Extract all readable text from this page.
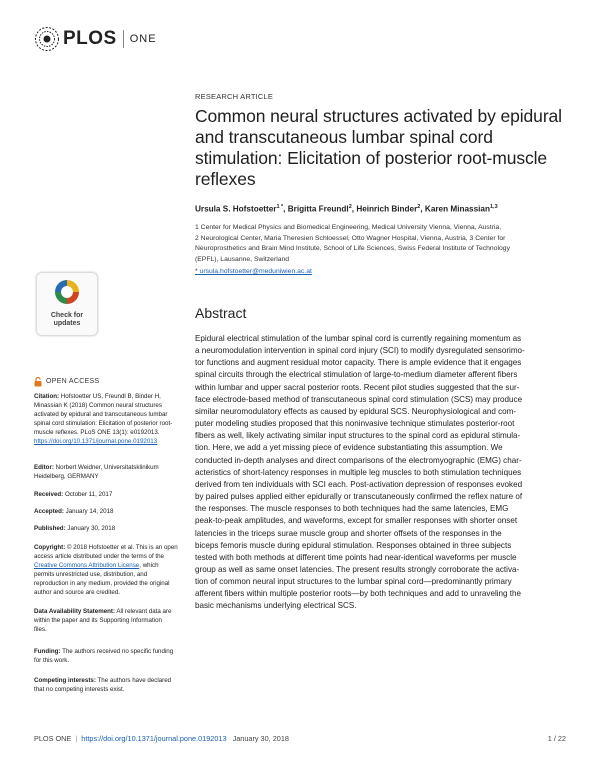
PLOS ONE
RESEARCH ARTICLE
Common neural structures activated by epidural and transcutaneous lumbar spinal cord stimulation: Elicitation of posterior root-muscle reflexes
Ursula S. Hofstoetter$^{1 *}$, Brigitta Freundl$^2$, Heinrich Binder$^2$, Karen Minassian$^{1,3}$
1 Center for Medical Physics and Biomedical Engineering, Medical University Vienna, Vienna, Austria,
2 Neurological Center, Maria Theresien Schloessel, Otto Wagner Hospital, Vienna, Austria, 3 Center for
Neuroprosthetics and Brain Mind Institute, School of Life Sciences, Swiss Federal Institute of Technology
(EPFL), Lausanne, Switzerland
* ursula.hofstoetter@meduniwien.ac.at
Abstract
Epidural electrical stimulation of the lumbar spinal cord is currently regaining momentum as
a neuromodulation intervention in spinal cord injury (SCI) to modify dysregulated sensorimo-
tor functions and augment residual motor capacity. There is ample evidence that it engages
spinal circuits through the electrical stimulation of large-to-medium diameter afferent fibers
within lumbar and upper sacral posterior roots. Recent pilot studies suggested that the sur-
face electrode-based method of transcutaneous spinal cord stimulation (SCS) may produce
similar neuromodulatory effects as caused by epidural SCS. Neurophysiological and com-
puter modeling studies proposed that this noninvasive technique stimulates posterior-root
fibers as well, likely activating similar input structures to the spinal cord as epidural stimula-
tion. Here, we add a yet missing piece of evidence substantiating this assumption. We
conducted in-depth analyses and direct comparisons of the electromyographic (EMG) char-
acteristics of short-latency responses in multiple leg muscles to both stimulation techniques
derived from ten individuals with SCI each. Post-activation depression of responses evoked
by paired pulses applied either epidurally or transcutaneously confirmed the reflex nature of
the responses. The muscle responses to both techniques had the same latencies, EMG
peak-to-peak amplitudes, and waveforms, except for smaller responses with shorter onset
latencies in the triceps surae muscle group and shorter offsets of the responses in the
biceps femoris muscle during epidural stimulation. Responses obtained in three subjects
tested with both methods at different time points had near-identical waveforms per muscle
group as well as same onset latencies. The present results strongly corroborate the activa-
tion of common neural input structures to the lumbar spinal cord—predominantly primary
afferent fibers within multiple posterior roots—by both techniques and add to unraveling the
basic mechanisms underlying electrical SCS.
Check for
updates
OPEN ACCESS

Citation: Hofstoetter US, Freundl B, Binder H,

Minassian K (2018) Common neural structures

activated by epidural and transcutaneous lumbar

spinal cord stimulation: Elicitation of posterior root-

muscle reflexes. PLoS ONE 13(1): e0192013.

https://doi.org/10.1371/journal.pone.0192013

Editor: Norbert Weidner, Universitatsklinikum

Heidelberg, GERMANY

Received: October 11, 2017

Accepted: January 14, 2018

Published: January 30, 2018

Copyright: © 2018 Hofstoetter et al. This is an open

access article distributed under the terms of the

Creative Commons Attribution License, which

permits unrestricted use, distribution, and

reproduction in any medium, provided the original

author and source are credited.

Data Availability Statement: All relevant data are

within the paper and its Supporting Information

files.

Funding: The authors received no specific funding

for this work.

Competing interests: The authors have declared

that no competing interests exist.

PLOS ONE | https://doi.org/10.1371/journal.pone.0192013 January 30, 2018	1 / 22
